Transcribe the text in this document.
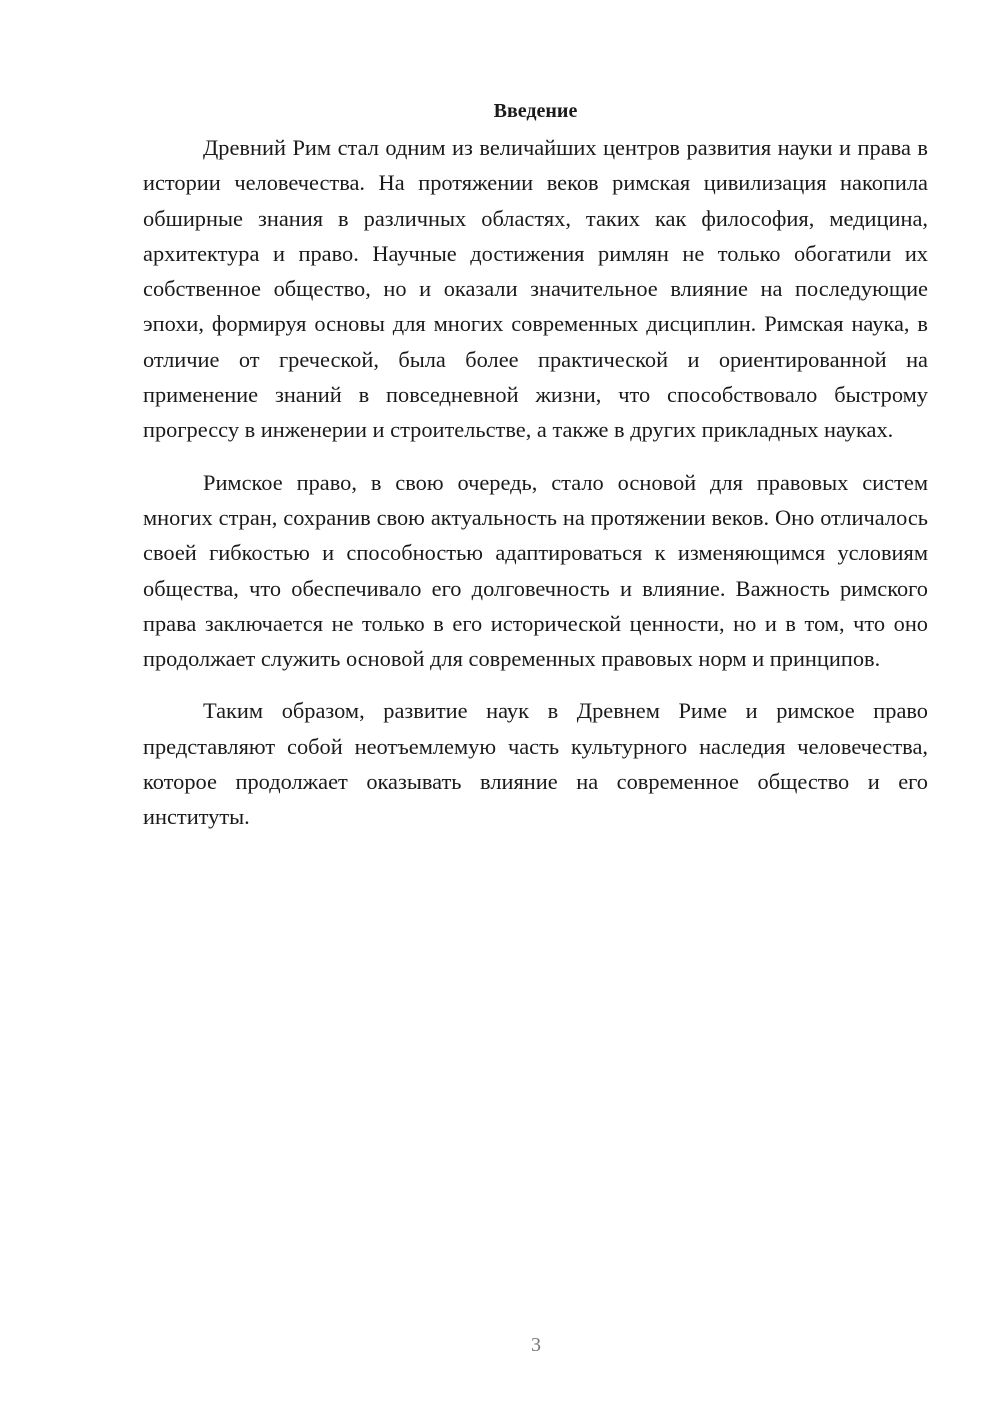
Введение

Древний Рим стал одним из величайших центров развития науки и права в истории человечества. На протяжении веков римская цивилизация накопила обширные знания в различных областях, таких как философия, медицина, архитектура и право. Научные достижения римлян не только обогатили их собственное общество, но и оказали значительное влияние на последующие эпохи, формируя основы для многих современных дисциплин. Римская наука, в отличие от греческой, была более практической и ориентированной на применение знаний в повседневной жизни, что способствовало быстрому прогрессу в инженерии и строительстве, а также в других прикладных науках.

Римское право, в свою очередь, стало основой для правовых систем многих стран, сохранив свою актуальность на протяжении веков. Оно отличалось своей гибкостью и способностью адаптироваться к изменяющимся условиям общества, что обеспечивало его долговечность и влияние. Важность римского права заключается не только в его исторической ценности, но и в том, что оно продолжает служить основой для современных правовых норм и принципов.

Таким образом, развитие наук в Древнем Риме и римское право представляют собой неотъемлемую часть культурного наследия человечества, которое продолжает оказывать влияние на современное общество и его институты.

3
